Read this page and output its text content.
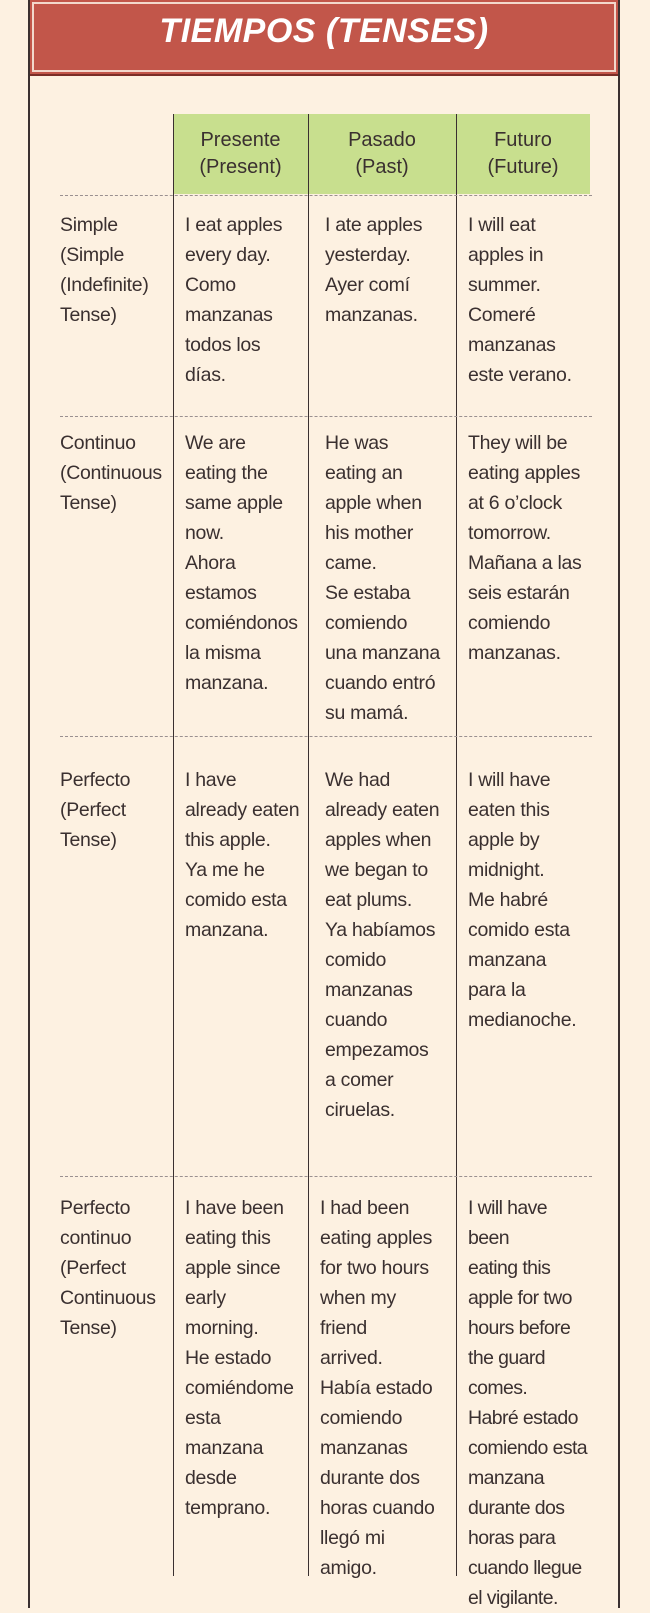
TIEMPOS (TENSES)
Presente
(Present)
Pasado
(Past)
Futuro
(Future)
Simple
(Simple
(Indefinite)
Tense)
I eat apples
every day.
Como
manzanas
todos los
días.
I ate apples
yesterday.
Ayer comí
manzanas.
I will eat
apples in
summer.
Comeré
manzanas
este verano.
Continuo
(Continuous
Tense)
We are
eating the
same apple
now.
Ahora
estamos
comiéndonos
la misma
manzana.
He was
eating an
apple when
his mother
came.
Se estaba
comiendo
una manzana
cuando entró
su mamá.
They will be
eating apples
at 6 o’clock
tomorrow.
Mañana a las
seis estarán
comiendo
manzanas.
Perfecto
(Perfect
Tense)
I have
already eaten
this apple.
Ya me he
comido esta
manzana.
We had
already eaten
apples when
we began to
eat plums.
Ya habíamos
comido
manzanas
cuando
empezamos
a comer
ciruelas.
I will have
eaten this
apple by
midnight.
Me habré
comido esta
manzana
para la
medianoche.
Perfecto
continuo
(Perfect
Continuous
Tense)
I have been
eating this
apple since
early
morning.
He estado
comiéndome
esta
manzana
desde
temprano.
I had been
eating apples
for two hours
when my
friend
arrived.
Había estado
comiendo
manzanas
durante dos
horas cuando
llegó mi
amigo.
I will have been
eating this
apple for two
hours before
the guard
comes.
Habré estado
comiendo esta
manzana
durante dos
horas para
cuando llegue
el vigilante.
